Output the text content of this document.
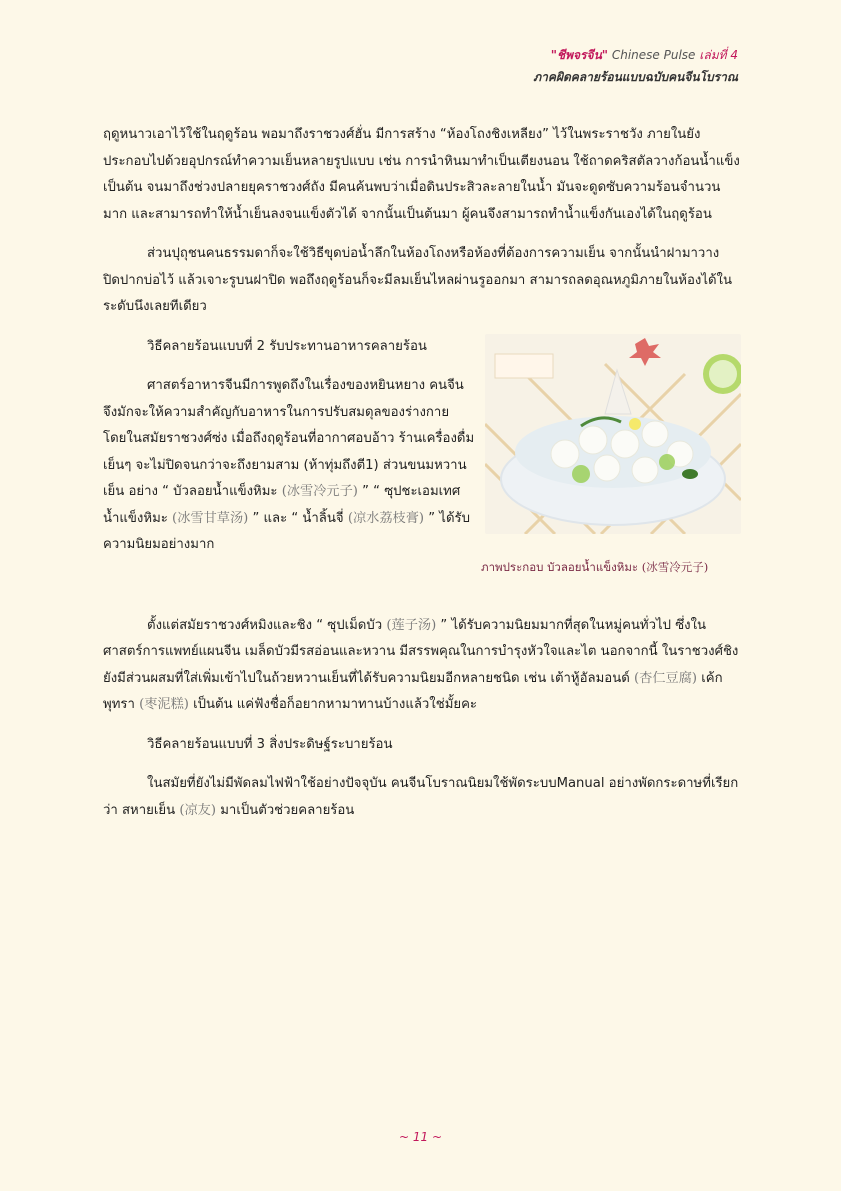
"ชีพจรจีน" Chinese Pulse เล่มที่ 4
ภาคผิดคลายร้อนแบบฉบับคนจีนโบราณ

ฤดูหนาวเอาไว้ใช้ในฤดูร้อน พอมาถึงราชวงศ์ฮั่น มีการสร้าง “ห้องโถงชิงเหลียง” ไว้ในพระราชวัง ภายในยังประกอบไปด้วยอุปกรณ์ทำความเย็นหลายรูปแบบ เช่น การนำหินมาทำเป็นเตียงนอน ใช้ถาดคริสตัลวางก้อนน้ำแข็ง เป็นต้น จนมาถึงช่วงปลายยุคราชวงศ์ถัง มีคนค้นพบว่าเมื่อดินประสิวละลายในน้ำ มันจะดูดซับความร้อนจำนวนมาก และสามารถทำให้น้ำเย็นลงจนแข็งตัวได้ จากนั้นเป็นต้นมา ผู้คนจึงสามารถทำน้ำแข็งกันเองได้ในฤดูร้อน

ส่วนปุถุชนคนธรรมดาก็จะใช้วิธีขุดบ่อน้ำลึกในห้องโถงหรือห้องที่ต้องการความเย็น จากนั้นนำฝามาวางปิดปากบ่อไว้ แล้วเจาะรูบนฝาปิด พอถึงฤดูร้อนก็จะมีลมเย็นไหลผ่านรูออกมา สามารถลดอุณหภูมิภายในห้องได้ในระดับนึงเลยทีเดียว

วิธีคลายร้อนแบบที่ 2 รับประทานอาหารคลายร้อน

ศาสตร์อาหารจีนมีการพูดถึงในเรื่องของหยินหยาง คนจีนจึงมักจะให้ความสำคัญกับอาหารในการปรับสมดุลของร่างกาย โดยในสมัยราชวงศ์ซ่ง เมื่อถึงฤดูร้อนที่อากาศอบอ้าว ร้านเครื่องดื่มเย็นๆ จะไม่ปิดจนกว่าจะถึงยามสาม (ห้าทุ่มถึงตี1) ส่วนขนมหวานเย็น อย่าง “ บัวลอยน้ำแข็งหิมะ (冰雪冷元子) ” “ ซุปชะเอมเทศน้ำแข็งหิมะ (冰雪甘草汤) ” และ “ น้ำลิ้นจี่ (凉水荔枝膏) ” ได้รับความนิยมอย่างมาก

ภาพประกอบ บัวลอยน้ำแข็งหิมะ (冰雪冷元子)

ตั้งแต่สมัยราชวงศ์หมิงและชิง “ ซุปเม็ดบัว (莲子汤) ” ได้รับความนิยมมากที่สุดในหมู่คนทั่วไป ซึ่งในศาสตร์การแพทย์แผนจีน เมล็ดบัวมีรสอ่อนและหวาน มีสรรพคุณในการบำรุงหัวใจและไต นอกจากนี้ ในราชวงศ์ชิงยังมีส่วนผสมที่ใส่เพิ่มเข้าไปในถ้วยหวานเย็นที่ได้รับความนิยมอีกหลายชนิด เช่น เต้าหู้อัลมอนด์ (杏仁豆腐) เค้กพุทรา (枣泥糕) เป็นต้น แค่ฟังชื่อก็อยากหามาทานบ้างแล้วใช่มั้ยคะ

วิธีคลายร้อนแบบที่ 3 สิ่งประดิษฐ์ระบายร้อน

ในสมัยที่ยังไม่มีพัดลมไฟฟ้าใช้อย่างปัจจุบัน คนจีนโบราณนิยมใช้พัดระบบManual อย่างพัดกระดาษที่เรียกว่า สหายเย็น (凉友) มาเป็นตัวช่วยคลายร้อน

~ 11 ~
